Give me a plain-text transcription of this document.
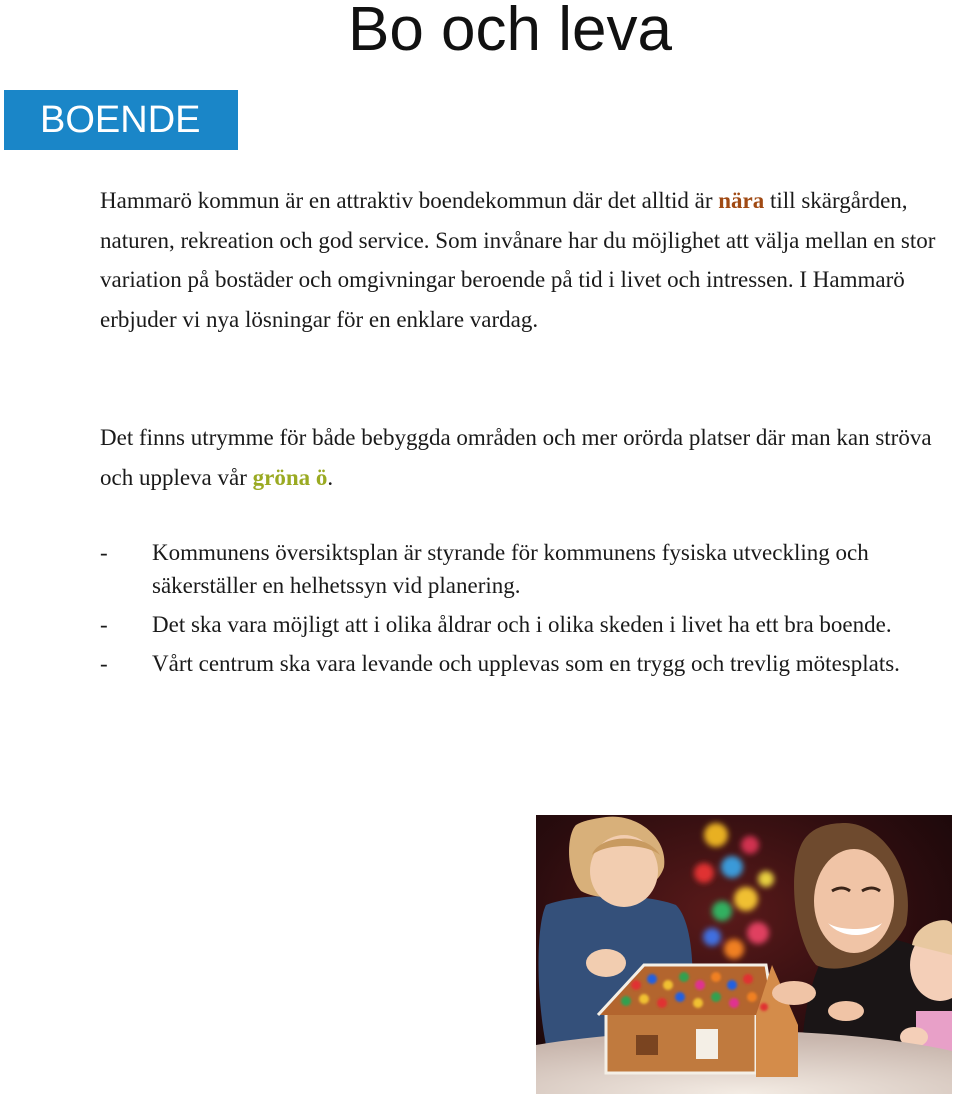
Bo och leva
BOENDE

Hammarö kommun är en attraktiv boendekommun där det alltid är nära till skärgården, naturen, rekreation och god service. Som invånare har du möjlighet att välja mellan en stor variation på bostäder och omgivningar beroende på tid i livet och intressen. I Hammarö erbjuder vi nya lösningar för en enklare vardag.

Det finns utrymme för både bebyggda områden och mer orörda platser där man kan ströva och uppleva vår gröna ö.

- Kommunens översiktsplan är styrande för kommunens fysiska utveckling och säkerställer en helhetssyn vid planering.
- Det ska vara möjligt att i olika åldrar och i olika skeden i livet ha ett bra boende.
- Vårt centrum ska vara levande och upplevas som en trygg och trevlig mötesplats.
